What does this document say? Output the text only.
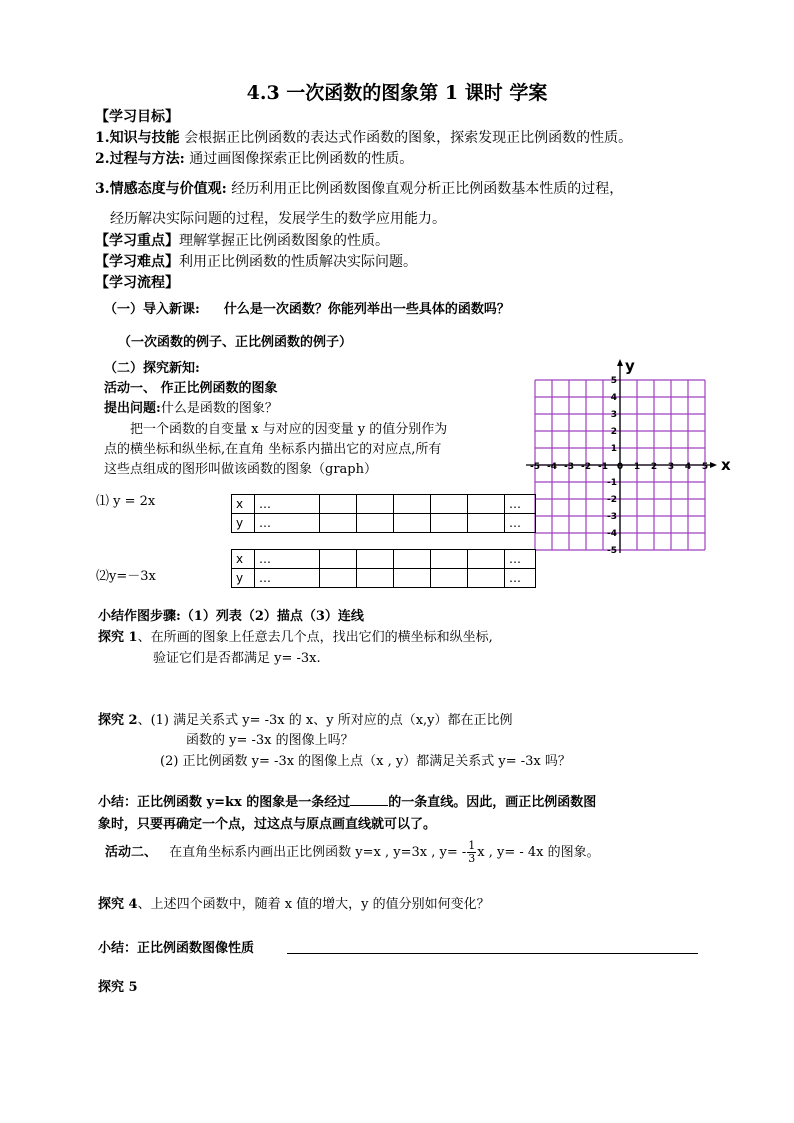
4.3 一次函数的图象第 1 课时 学案
【学习目标】
1.知识与技能 会根据正比例函数的表达式作函数的图象，探索发现正比例函数的性质。
2.过程与方法: 通过画图像探索正比例函数的性质。
3.情感态度与价值观: 经历利用正比例函数图像直观分析正比例函数基本性质的过程，
经历解决实际问题的过程，发展学生的数学应用能力。
【学习重点】理解掌握正比例函数图象的性质。
【学习难点】利用正比例函数的性质解决实际问题。
【学习流程】
（一）导入新课: 什么是一次函数？你能列举出一些具体的函数吗？
（一次函数的例子、正比例函数的例子）
（二）探究新知:
活动一、 作正比例函数的图象
提出问题:什么是函数的图象？
把一个函数的自变量 x 与对应的因变量 y 的值分别作为
点的横坐标和纵坐标,在直角 坐标系内描出它的对应点,所有
这些点组成的图形叫做该函数的图象（graph）	-5 -4 -3 -2 -1 0 1 2 3 4 5
5
4
3
2
1
-1
-2
-3
-4
-5
x
y
⑴ y = 2x	x	…						…
y	…						…
⑵y=－3x
x	…						…
y	…						…
小结作图步骤:（1）列表（2）描点（3）连线
探究 1、在所画的图象上任意去几个点，找出它们的横坐标和纵坐标,
验证它们是否都满足 y= -3x.
探究 2、(1) 满足关系式 y= -3x 的 x、y 所对应的点（x,y）都在正比例
函数的 y= -3x 的图像上吗？
(2) 正比例函数 y= -3x 的图像上点（x , y）都满足关系式 y= -3x 吗？
小结：正比例函数 y=kx 的图象是一条经过	的一条直线。因此，画正比例函数图
象时，只要再确定一个点，过这点与原点画直线就可以了。
活动二、 在直角坐标系内画出正比例函数 y=x , y=3x , $y= - \frac{1}{3}$ x , y= - 4x 的图象。
探究 4、上述四个函数中，随着 x 值的增大，y 的值分别如何变化？
小结：正比例函数图像性质
探究 5
